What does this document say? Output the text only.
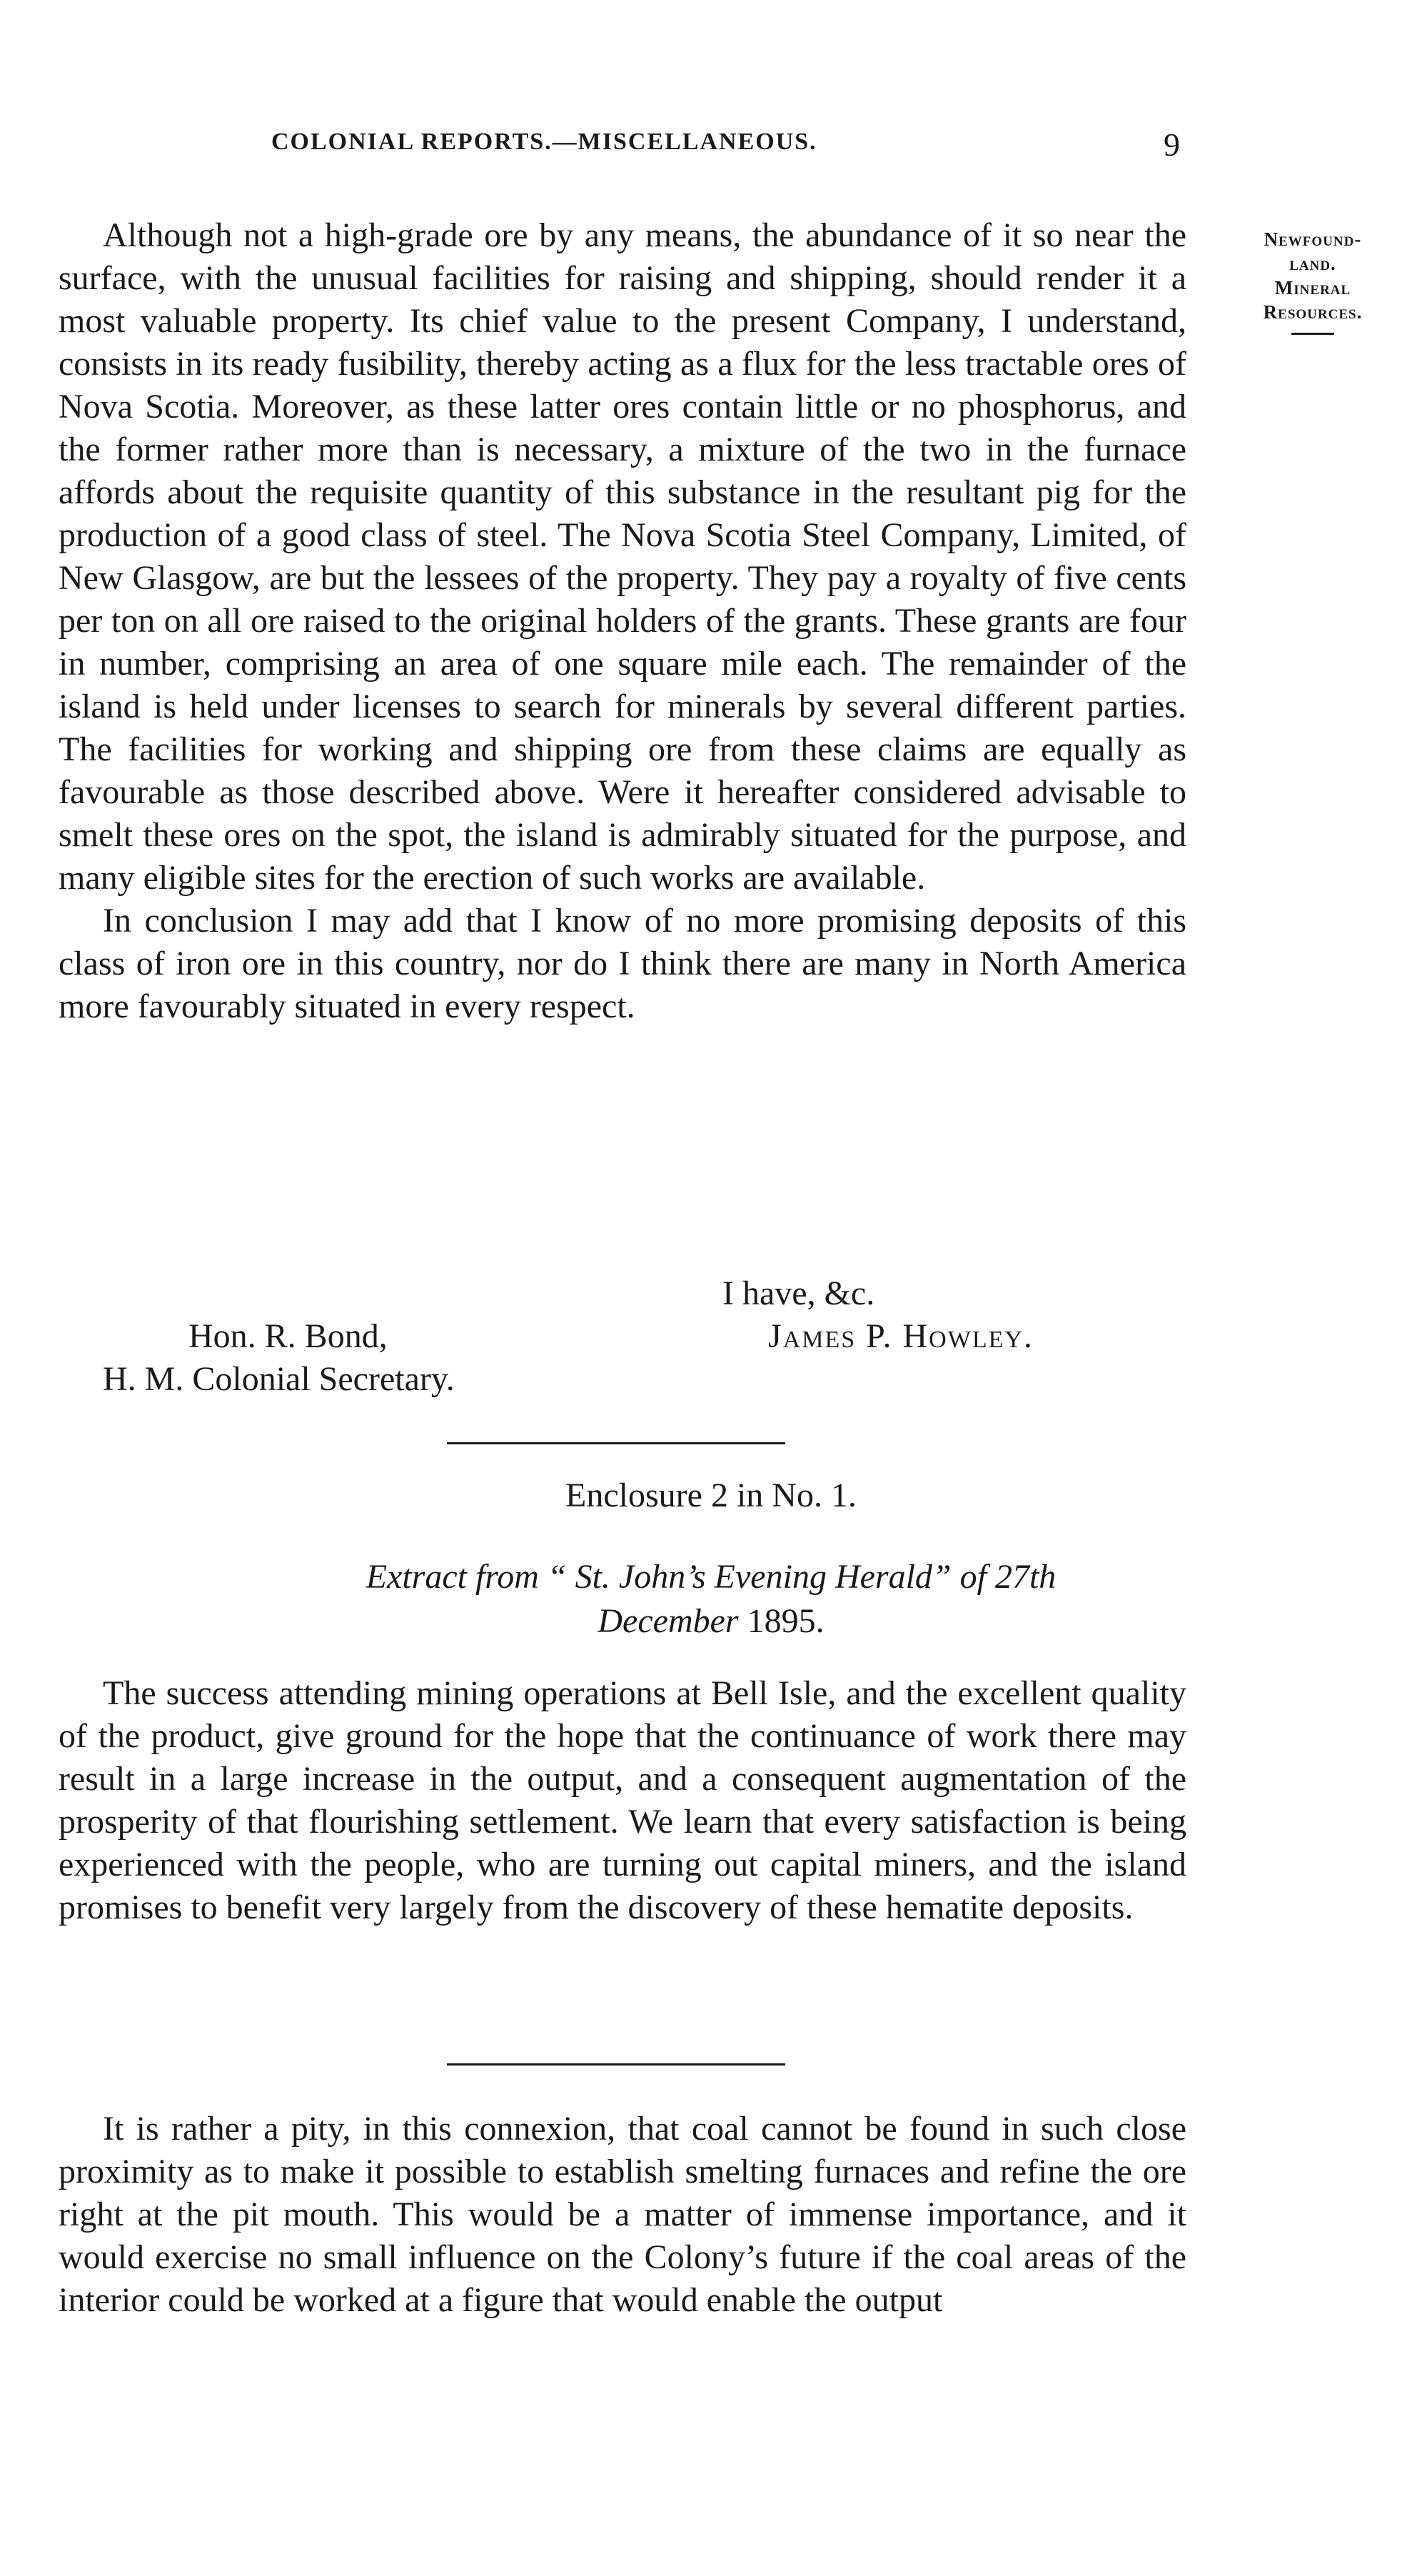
COLONIAL REPORTS.—MISCELLANEOUS.	9
Newfound-
land.
Mineral
Resources.

Although not a high-grade ore by any means, the abundance of it so near the surface, with the unusual facilities for raising and shipping, should render it a most valuable property. Its chief value to the present Company, I understand, consists in its ready fusibility, thereby acting as a flux for the less tractable ores of Nova Scotia. Moreover, as these latter ores contain little or no phosphorus, and the former rather more than is necessary, a mixture of the two in the furnace affords about the requisite quantity of this substance in the resultant pig for the production of a good class of steel. The Nova Scotia Steel Company, Limited, of New Glasgow, are but the lessees of the property. They pay a royalty of five cents per ton on all ore raised to the original holders of the grants. These grants are four in number, comprising an area of one square mile each. The remainder of the island is held under licenses to search for minerals by several different parties. The facilities for working and shipping ore from these claims are equally as favourable as those described above. Were it hereafter considered advisable to smelt these ores on the spot, the island is admirably situated for the purpose, and many eligible sites for the erection of such works are available.

In conclusion I may add that I know of no more promising deposits of this class of iron ore in this country, nor do I think there are many in North America more favourably situated in every respect.

I have, &c.
Hon. R. Bond,	James P. Howley.
H. M. Colonial Secretary.
Enclosure 2 in No. 1.
Extract from “ St. John’s Evening Herald” of 27th
December 1895.

The success attending mining operations at Bell Isle, and the excellent quality of the product, give ground for the hope that the continuance of work there may result in a large increase in the output, and a consequent augmentation of the prosperity of that flourishing settlement. We learn that every satisfaction is being experienced with the people, who are turning out capital miners, and the island promises to benefit very largely from the discovery of these hematite deposits.

It is rather a pity, in this connexion, that coal cannot be found in such close proximity as to make it possible to establish smelting furnaces and refine the ore right at the pit mouth. This would be a matter of immense importance, and it would exercise no small influence on the Colony’s future if the coal areas of the interior could be worked at a figure that would enable the output
